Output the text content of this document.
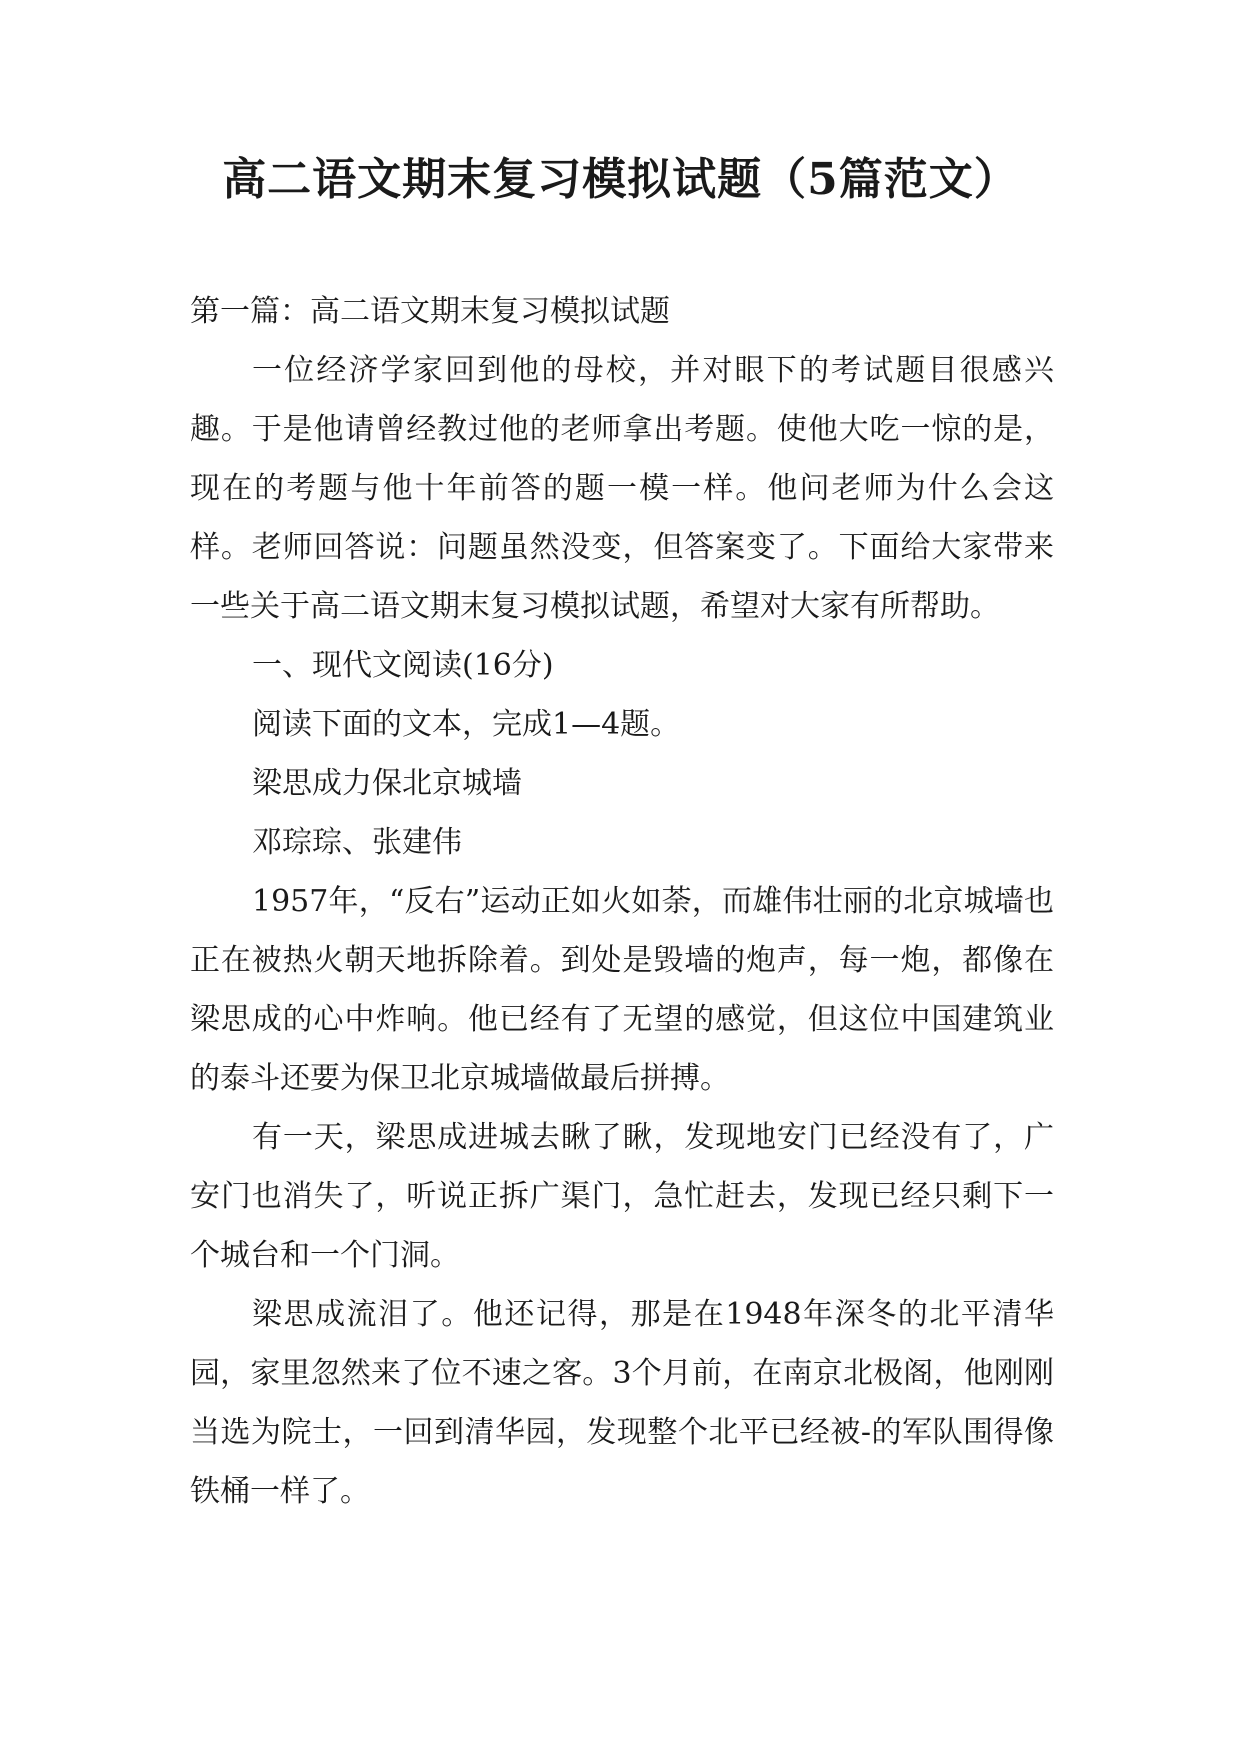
高二语文期末复习模拟试题（5篇范文）

第一篇：高二语文期末复习模拟试题

一位经济学家回到他的母校，并对眼下的考试题目很感兴趣。于是他请曾经教过他的老师拿出考题。使他大吃一惊的是，现在的考题与他十年前答的题一模一样。他问老师为什么会这样。老师回答说：问题虽然没变，但答案变了。下面给大家带来一些关于高二语文期末复习模拟试题，希望对大家有所帮助。

一、现代文阅读(16分)

阅读下面的文本，完成1—4题。

梁思成力保北京城墙

邓琮琮、张建伟

1957年，“反右”运动正如火如荼，而雄伟壮丽的北京城墙也正在被热火朝天地拆除着。到处是毁墙的炮声，每一炮，都像在梁思成的心中炸响。他已经有了无望的感觉，但这位中国建筑业的泰斗还要为保卫北京城墙做最后拼搏。

有一天，梁思成进城去瞅了瞅，发现地安门已经没有了，广安门也消失了，听说正拆广渠门，急忙赶去，发现已经只剩下一个城台和一个门洞。

梁思成流泪了。他还记得，那是在1948年深冬的北平清华园，家里忽然来了位不速之客。3个月前，在南京北极阁，他刚刚当选为院士，一回到清华园，发现整个北平已经被-的军队围得像铁桶一样了。
